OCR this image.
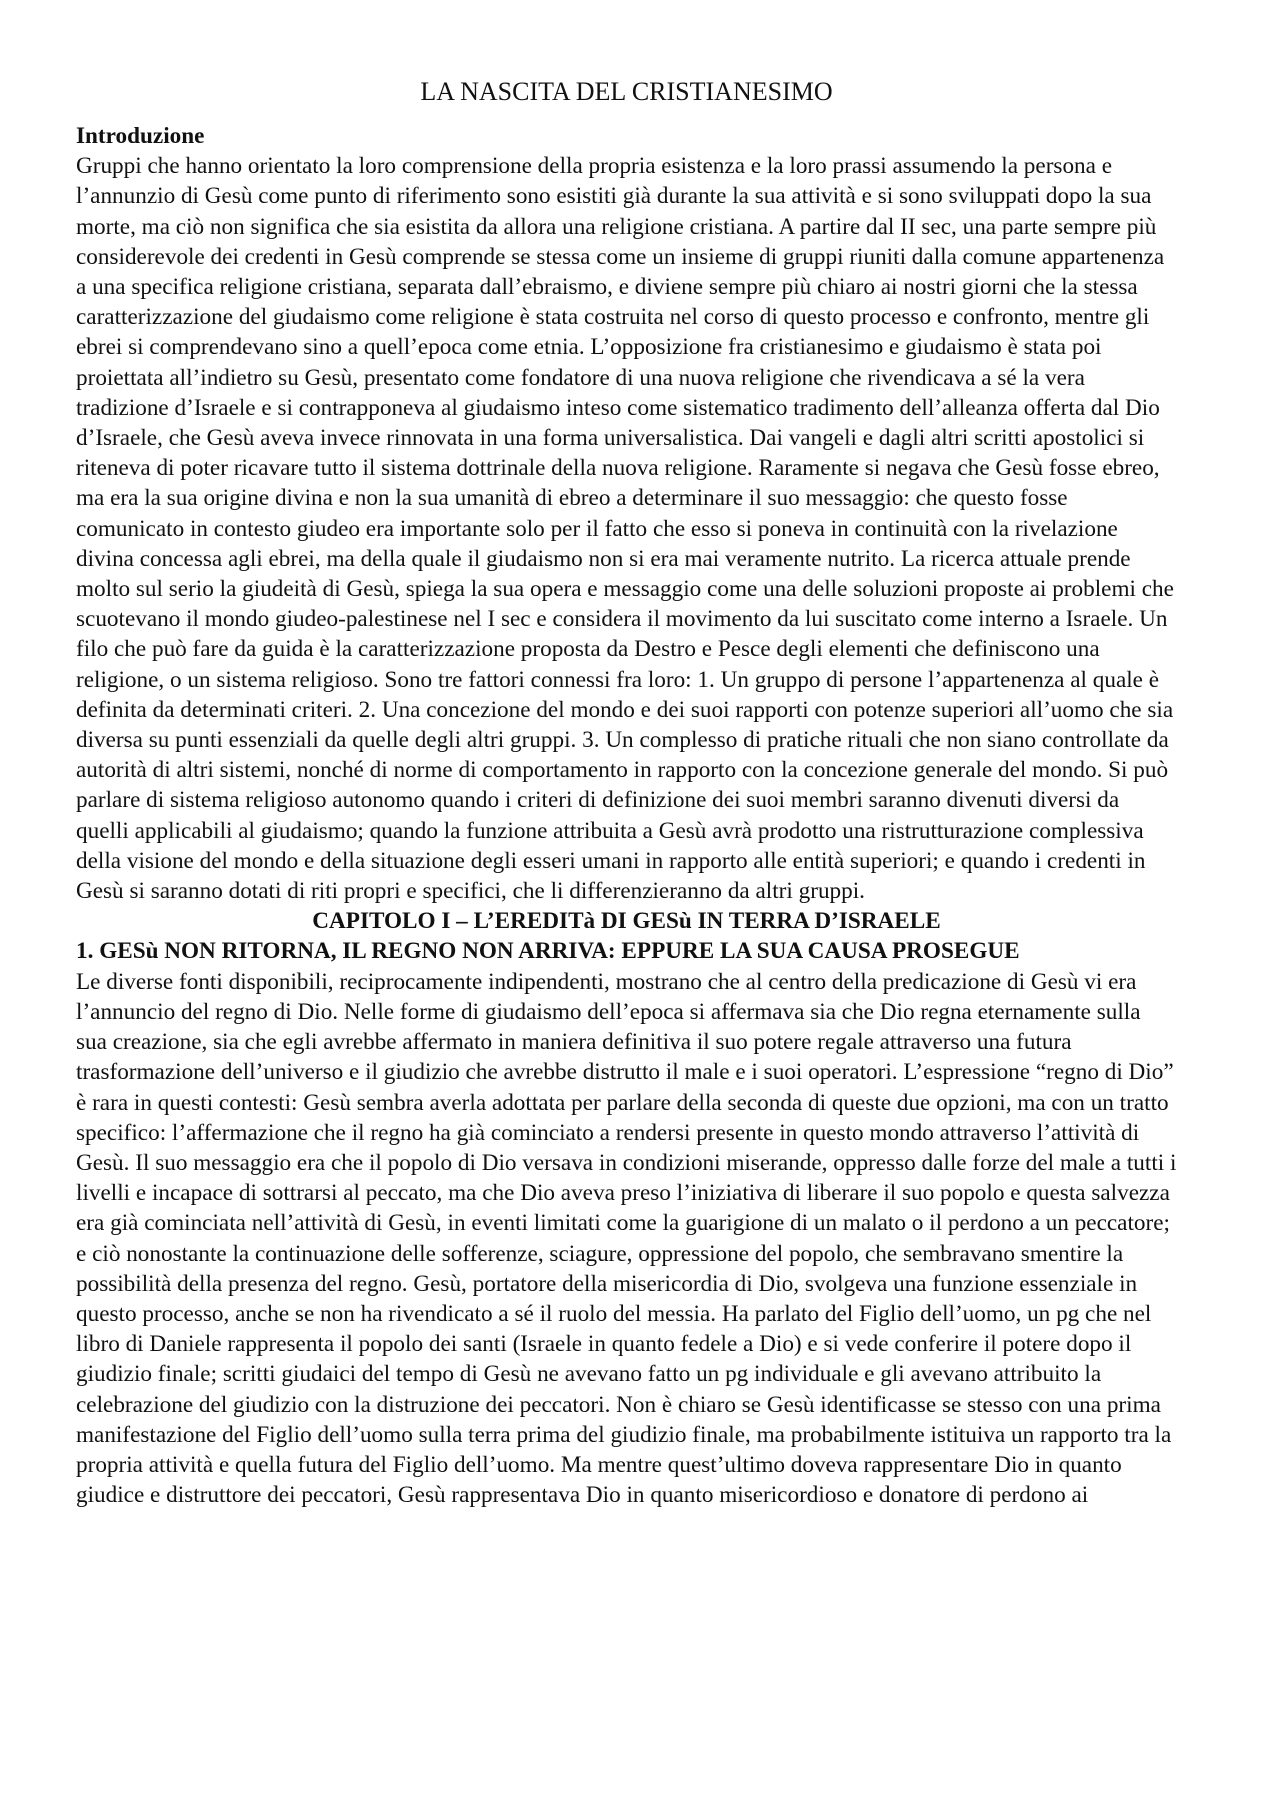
LA NASCITA DEL CRISTIANESIMO
Introduzione

Gruppi che hanno orientato la loro comprensione della propria esistenza e la loro prassi assumendo la persona e l’annunzio di Gesù come punto di riferimento sono esistiti già durante la sua attività e si sono sviluppati dopo la sua morte, ma ciò non significa che sia esistita da allora una religione cristiana. A partire dal II sec, una parte sempre più considerevole dei credenti in Gesù comprende se stessa come un insieme di gruppi riuniti dalla comune appartenenza a una specifica religione cristiana, separata dall’ebraismo, e diviene sempre più chiaro ai nostri giorni che la stessa caratterizzazione del giudaismo come religione è stata costruita nel corso di questo processo e confronto, mentre gli ebrei si comprendevano sino a quell’epoca come etnia. L’opposizione fra cristianesimo e giudaismo è stata poi proiettata all’indietro su Gesù, presentato come fondatore di una nuova religione che rivendicava a sé la vera tradizione d’Israele e si contrapponeva al giudaismo inteso come sistematico tradimento dell’alleanza offerta dal Dio d’Israele, che Gesù aveva invece rinnovata in una forma universalistica. Dai vangeli e dagli altri scritti apostolici si riteneva di poter ricavare tutto il sistema dottrinale della nuova religione. Raramente si negava che Gesù fosse ebreo, ma era la sua origine divina e non la sua umanità di ebreo a determinare il suo messaggio: che questo fosse comunicato in contesto giudeo era importante solo per il fatto che esso si poneva in continuità con la rivelazione divina concessa agli ebrei, ma della quale il giudaismo non si era mai veramente nutrito. La ricerca attuale prende molto sul serio la giudeità di Gesù, spiega la sua opera e messaggio come una delle soluzioni proposte ai problemi che scuotevano il mondo giudeo-palestinese nel I sec e considera il movimento da lui suscitato come interno a Israele. Un filo che può fare da guida è la caratterizzazione proposta da Destro e Pesce degli elementi che definiscono una religione, o un sistema religioso. Sono tre fattori connessi fra loro: 1. Un gruppo di persone l’appartenenza al quale è definita da determinati criteri. 2. Una concezione del mondo e dei suoi rapporti con potenze superiori all’uomo che sia diversa su punti essenziali da quelle degli altri gruppi. 3. Un complesso di pratiche rituali che non siano controllate da autorità di altri sistemi, nonché di norme di comportamento in rapporto con la concezione generale del mondo. Si può parlare di sistema religioso autonomo quando i criteri di definizione dei suoi membri saranno divenuti diversi da quelli applicabili al giudaismo; quando la funzione attribuita a Gesù avrà prodotto una ristrutturazione complessiva della visione del mondo e della situazione degli esseri umani in rapporto alle entità superiori; e quando i credenti in Gesù si saranno dotati di riti propri e specifici, che li differenzieranno da altri gruppi.

CAPITOLO I – L’EREDITà DI GESù IN TERRA D’ISRAELE
1. GESù NON RITORNA, IL REGNO NON ARRIVA: EPPURE LA SUA CAUSA PROSEGUE

Le diverse fonti disponibili, reciprocamente indipendenti, mostrano che al centro della predicazione di Gesù vi era l’annuncio del regno di Dio. Nelle forme di giudaismo dell’epoca si affermava sia che Dio regna eternamente sulla sua creazione, sia che egli avrebbe affermato in maniera definitiva il suo potere regale attraverso una futura trasformazione dell’universo e il giudizio che avrebbe distrutto il male e i suoi operatori. L’espressione “regno di Dio” è rara in questi contesti: Gesù sembra averla adottata per parlare della seconda di queste due opzioni, ma con un tratto specifico: l’affermazione che il regno ha già cominciato a rendersi presente in questo mondo attraverso l’attività di Gesù. Il suo messaggio era che il popolo di Dio versava in condizioni miserande, oppresso dalle forze del male a tutti i livelli e incapace di sottrarsi al peccato, ma che Dio aveva preso l’iniziativa di liberare il suo popolo e questa salvezza era già cominciata nell’attività di Gesù, in eventi limitati come la guarigione di un malato o il perdono a un peccatore; e ciò nonostante la continuazione delle sofferenze, sciagure, oppressione del popolo, che sembravano smentire la possibilità della presenza del regno. Gesù, portatore della misericordia di Dio, svolgeva una funzione essenziale in questo processo, anche se non ha rivendicato a sé il ruolo del messia. Ha parlato del Figlio dell’uomo, un pg che nel libro di Daniele rappresenta il popolo dei santi (Israele in quanto fedele a Dio) e si vede conferire il potere dopo il giudizio finale; scritti giudaici del tempo di Gesù ne avevano fatto un pg individuale e gli avevano attribuito la celebrazione del giudizio con la distruzione dei peccatori. Non è chiaro se Gesù identificasse se stesso con una prima manifestazione del Figlio dell’uomo sulla terra prima del giudizio finale, ma probabilmente istituiva un rapporto tra la propria attività e quella futura del Figlio dell’uomo. Ma mentre quest’ultimo doveva rappresentare Dio in quanto giudice e distruttore dei peccatori, Gesù rappresentava Dio in quanto misericordioso e donatore di perdono ai
